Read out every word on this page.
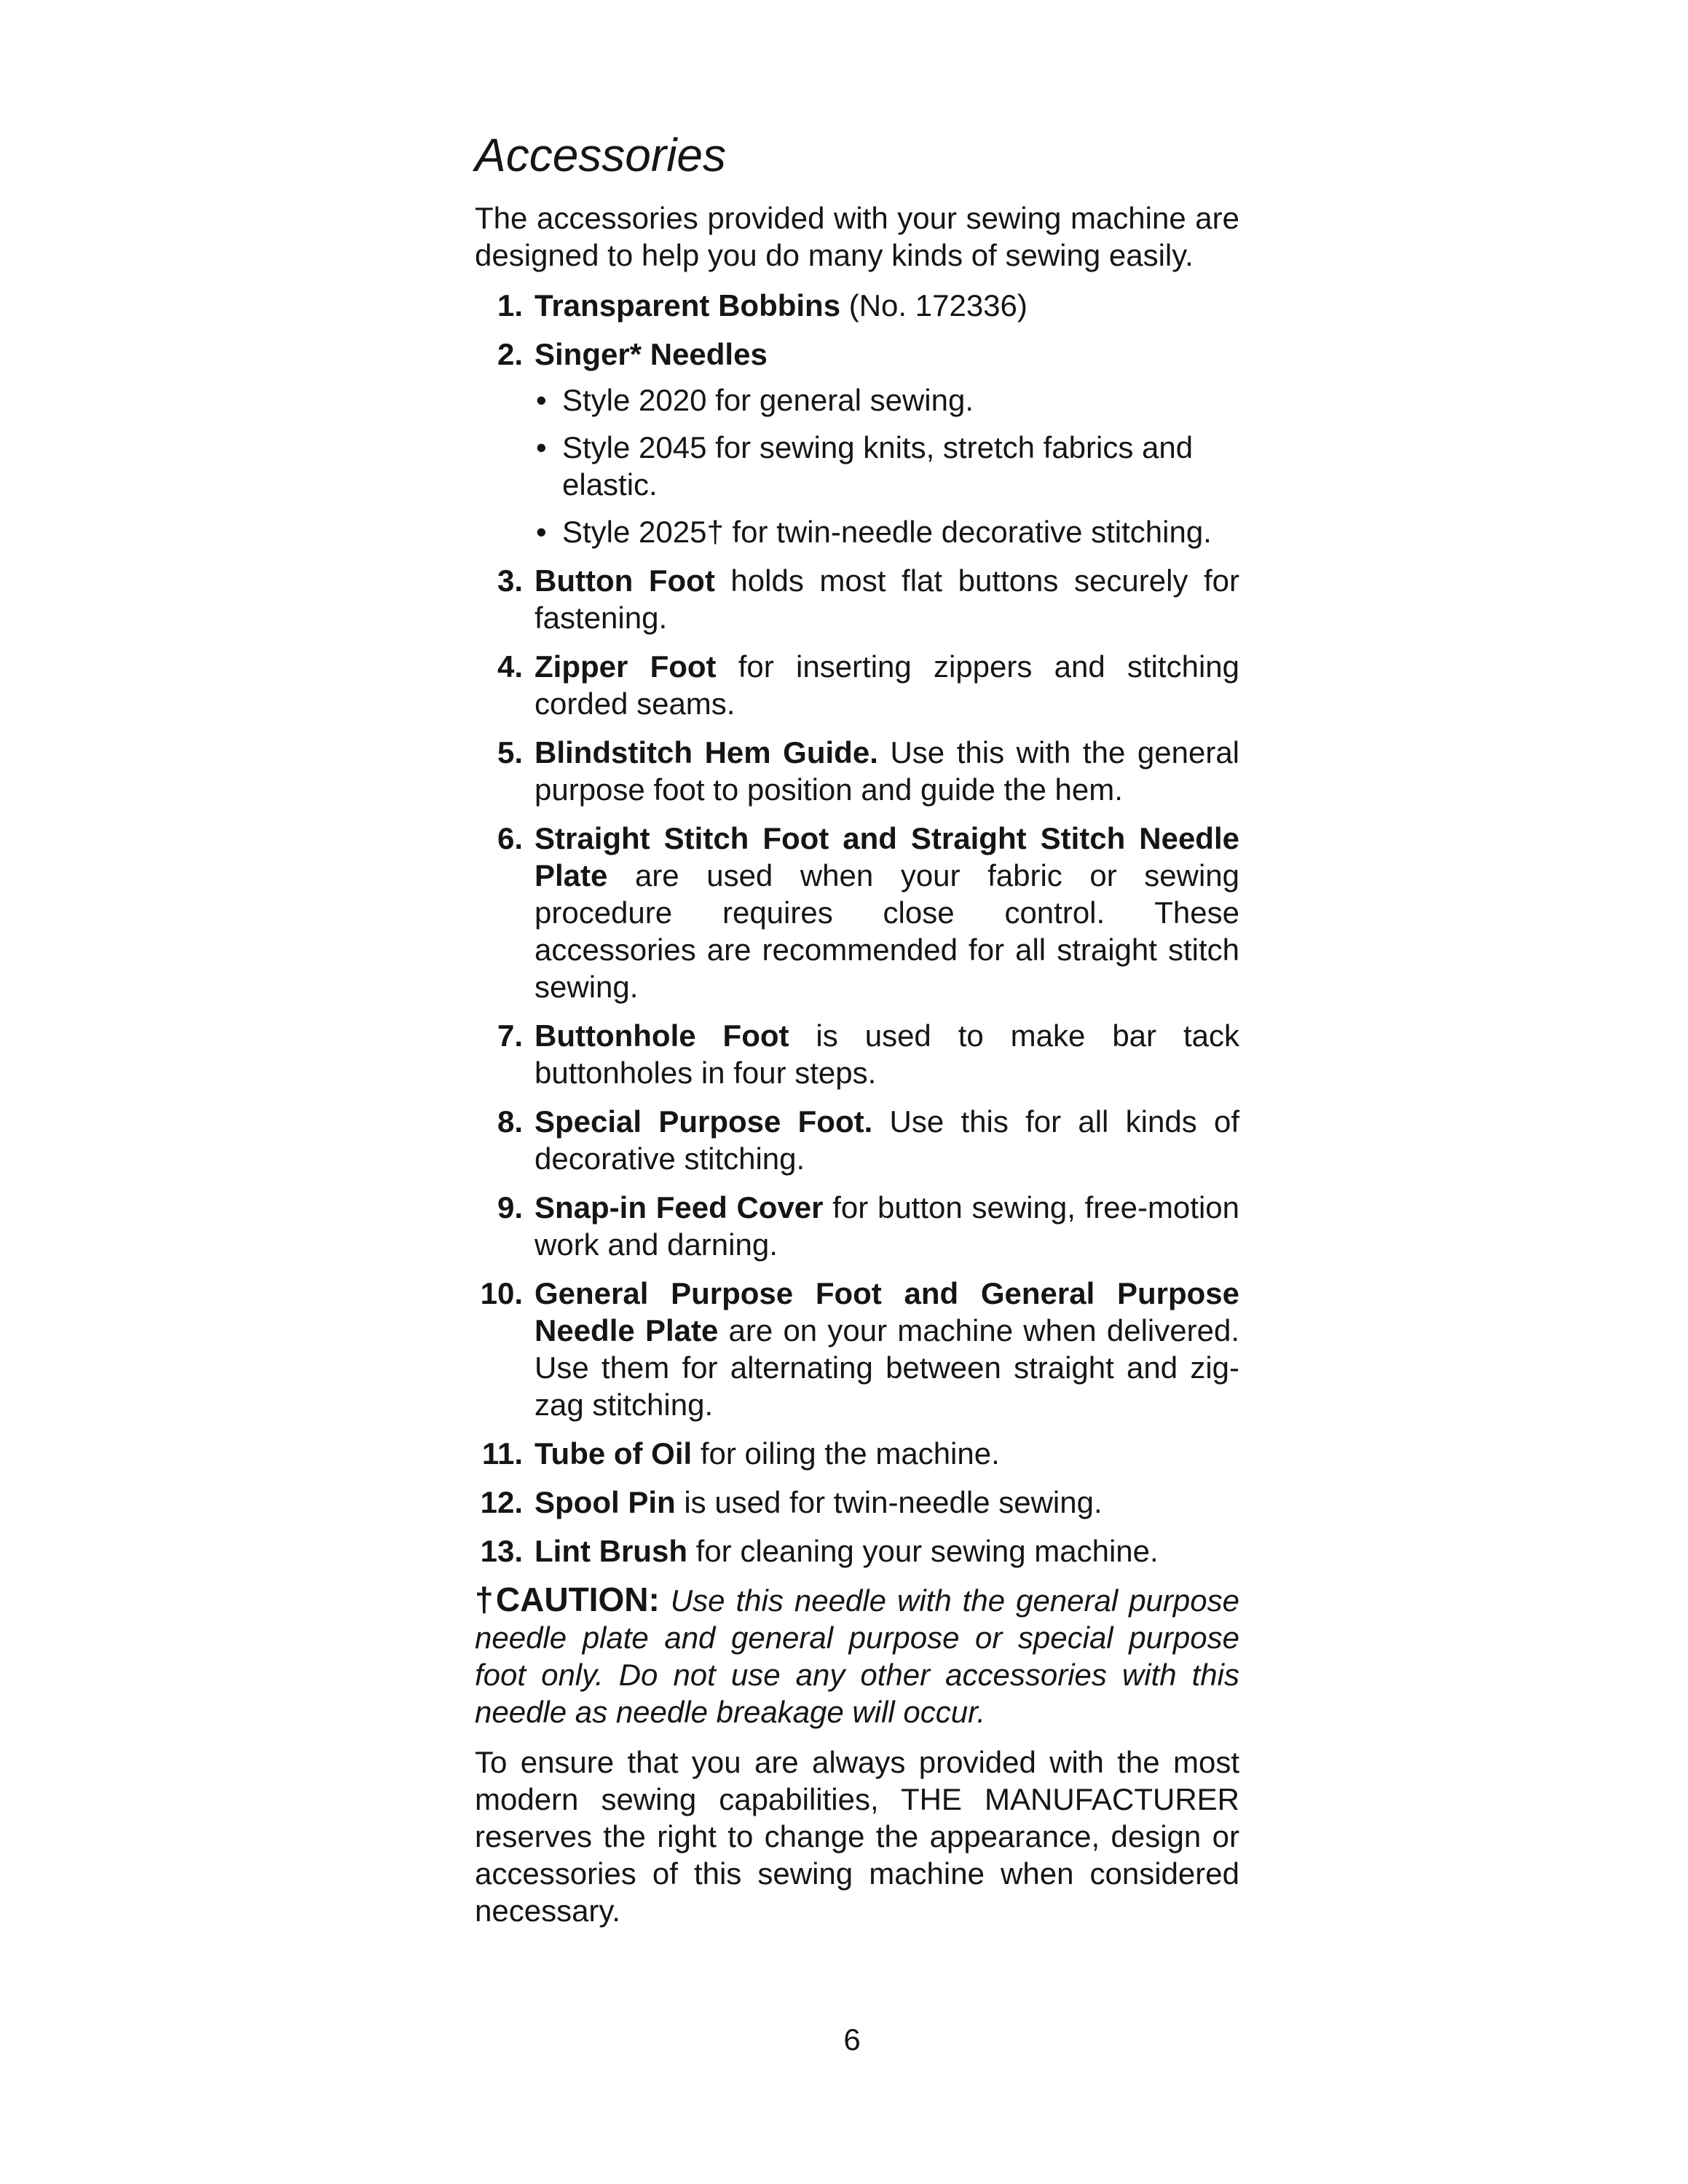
Accessories

The accessories provided with your sewing machine are designed to help you do many kinds of sewing easily.

1. Transparent Bobbins (No. 172336)
2. Singer* Needles
• Style 2020 for general sewing.
• Style 2045 for sewing knits, stretch fabrics and elastic.
• Style 2025† for twin-needle decorative stitching.
3. Button Foot holds most flat buttons securely for fastening.
4. Zipper Foot for inserting zippers and stitching corded seams.
5. Blindstitch Hem Guide. Use this with the general purpose foot to position and guide the hem.
6. Straight Stitch Foot and Straight Stitch Needle Plate are used when your fabric or sewing procedure requires close control. These accessories are recommended for all straight stitch sewing.
7. Buttonhole Foot is used to make bar tack buttonholes in four steps.
8. Special Purpose Foot. Use this for all kinds of decorative stitching.
9. Snap-in Feed Cover for button sewing, free-motion work and darning.
10. General Purpose Foot and General Purpose Needle Plate are on your machine when delivered. Use them for alternating between straight and zig-zag stitching.
11. Tube of Oil for oiling the machine.
12. Spool Pin is used for twin-needle sewing.
13. Lint Brush for cleaning your sewing machine.

†CAUTION: Use this needle with the general purpose needle plate and general purpose or special purpose foot only. Do not use any other accessories with this needle as needle breakage will occur.

To ensure that you are always provided with the most modern sewing capabilities, THE MANUFACTURER reserves the right to change the appearance, design or accessories of this sewing machine when considered necessary.

6
